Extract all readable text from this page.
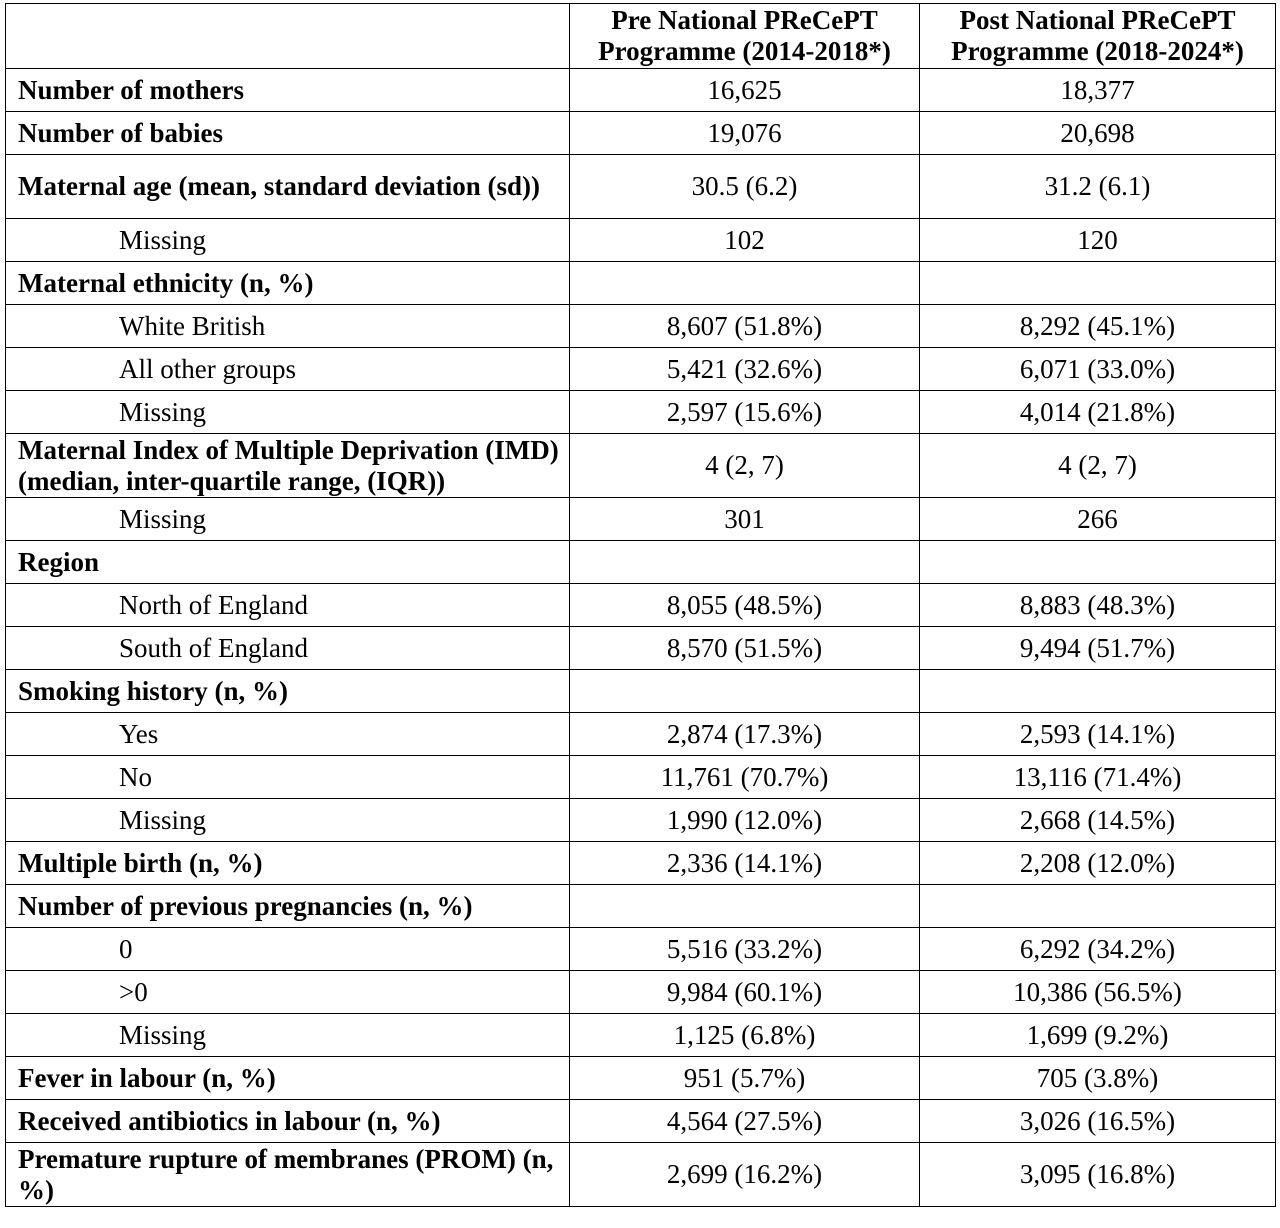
	Pre National PReCePT Programme (2014-2018*)	Post National PReCePT Programme (2018-2024*)
Number of mothers	16,625	18,377
Number of babies	19,076	20,698
Maternal age (mean, standard deviation (sd))	30.5 (6.2)	31.2 (6.1)
Missing	102	120
Maternal ethnicity (n, %)		
White British	8,607 (51.8%)	8,292 (45.1%)
All other groups	5,421 (32.6%)	6,071 (33.0%)
Missing	2,597 (15.6%)	4,014 (21.8%)
Maternal Index of Multiple Deprivation (IMD) (median, inter-quartile range, (IQR))	4 (2, 7)	4 (2, 7)
Missing	301	266
Region		
North of England	8,055 (48.5%)	8,883 (48.3%)
South of England	8,570 (51.5%)	9,494 (51.7%)
Smoking history (n, %)		
Yes	2,874 (17.3%)	2,593 (14.1%)
No	11,761 (70.7%)	13,116 (71.4%)
Missing	1,990 (12.0%)	2,668 (14.5%)
Multiple birth (n, %)	2,336 (14.1%)	2,208 (12.0%)
Number of previous pregnancies (n, %)		
0	5,516 (33.2%)	6,292 (34.2%)
>0	9,984 (60.1%)	10,386 (56.5%)
Missing	1,125 (6.8%)	1,699 (9.2%)
Fever in labour (n, %)	951 (5.7%)	705 (3.8%)
Received antibiotics in labour (n, %)	4,564 (27.5%)	3,026 (16.5%)
Premature rupture of membranes (PROM) (n, %)	2,699 (16.2%)	3,095 (16.8%)
